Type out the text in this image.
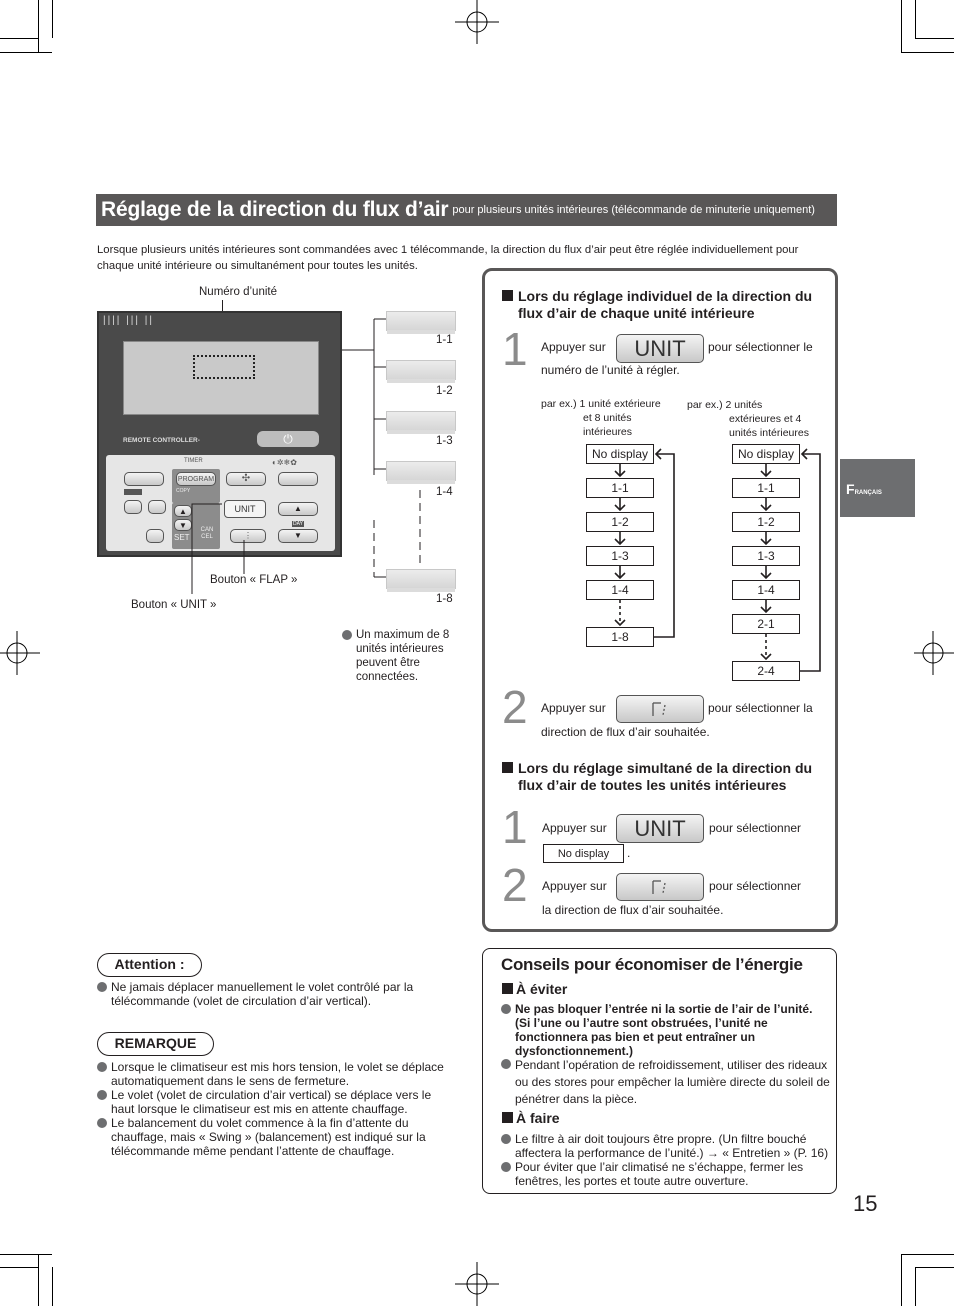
Réglage de la direction du flux d’air pour plusieurs unités intérieures (télécommande de minuterie uniquement)
Lorsque plusieurs unités intérieures sont commandées avec 1 télécommande, la direction du flux d’air peut être réglée individuellement pour chaque unité intérieure ou simultanément pour toutes les unités.
Numéro d’unité
|||| ||| ||
REMOTE CONTROLLER-	⏻
TIMER	◐✲❄✿
PROGRAM
COPY
✣
▲
▼
SET
CAN CEL
UNIT
⋮
▲
DAY
▼
Bouton « FLAP »
Bouton « UNIT »
1-1
1-2
1-3
1-4
1-8
Un maximum de 8 unités intérieures peuvent être connectées.
Lors du réglage individuel de la direction du flux d’air de chaque unité intérieure
1 Appuyer sur	UNIT	pour sélectionner le
numéro de l’unité à régler.
par ex.) 1 unité extérieure
et 8 unités
intérieures
par ex.) 2 unités
extérieures et 4
unités intérieures
No display
1-1
1-2
1-3
1-4
1-8
No display
1-1
1-2
1-3
1-4
2-1
2-4
2 Appuyer sur	pour sélectionner la
direction de flux d’air souhaitée.
Lors du réglage simultané de la direction du flux d’air de toutes les unités intérieures
1 Appuyer sur	UNIT	pour sélectionner
No display	.
2 Appuyer sur	pour sélectionner
la direction de flux d’air souhaitée.
FRANÇAIS
Attention :
Ne jamais déplacer manuellement le volet contrôlé par la télécommande (volet de circulation d’air vertical).
REMARQUE
Lorsque le climatiseur est mis hors tension, le volet se déplace automatiquement dans le sens de fermeture.
Le volet (volet de circulation d’air vertical) se déplace vers le haut lorsque le climatiseur est mis en attente chauffage.
Le balancement du volet commence à la fin d’attente du chauffage, mais « Swing » (balancement) est indiqué sur la télécommande même pendant l’attente de chauffage.
Conseils pour économiser de l’énergie
À éviter
Ne pas bloquer l’entrée ni la sortie de l’air de l’unité. (Si l’une ou l’autre sont obstruées, l’unité ne fonctionnera pas bien et peut entraîner un dysfonctionnement.)
Pendant l’opération de refroidissement, utiliser des rideaux ou des stores pour empêcher la lumière directe du soleil de pénétrer dans la pièce.
À faire
Le filtre à air doit toujours être propre. (Un filtre bouché affectera la performance de l’unité.) → « Entretien » (P. 16)
Pour éviter que l’air climatisé ne s’échappe, fermer les fenêtres, les portes et toute autre ouverture.
15
